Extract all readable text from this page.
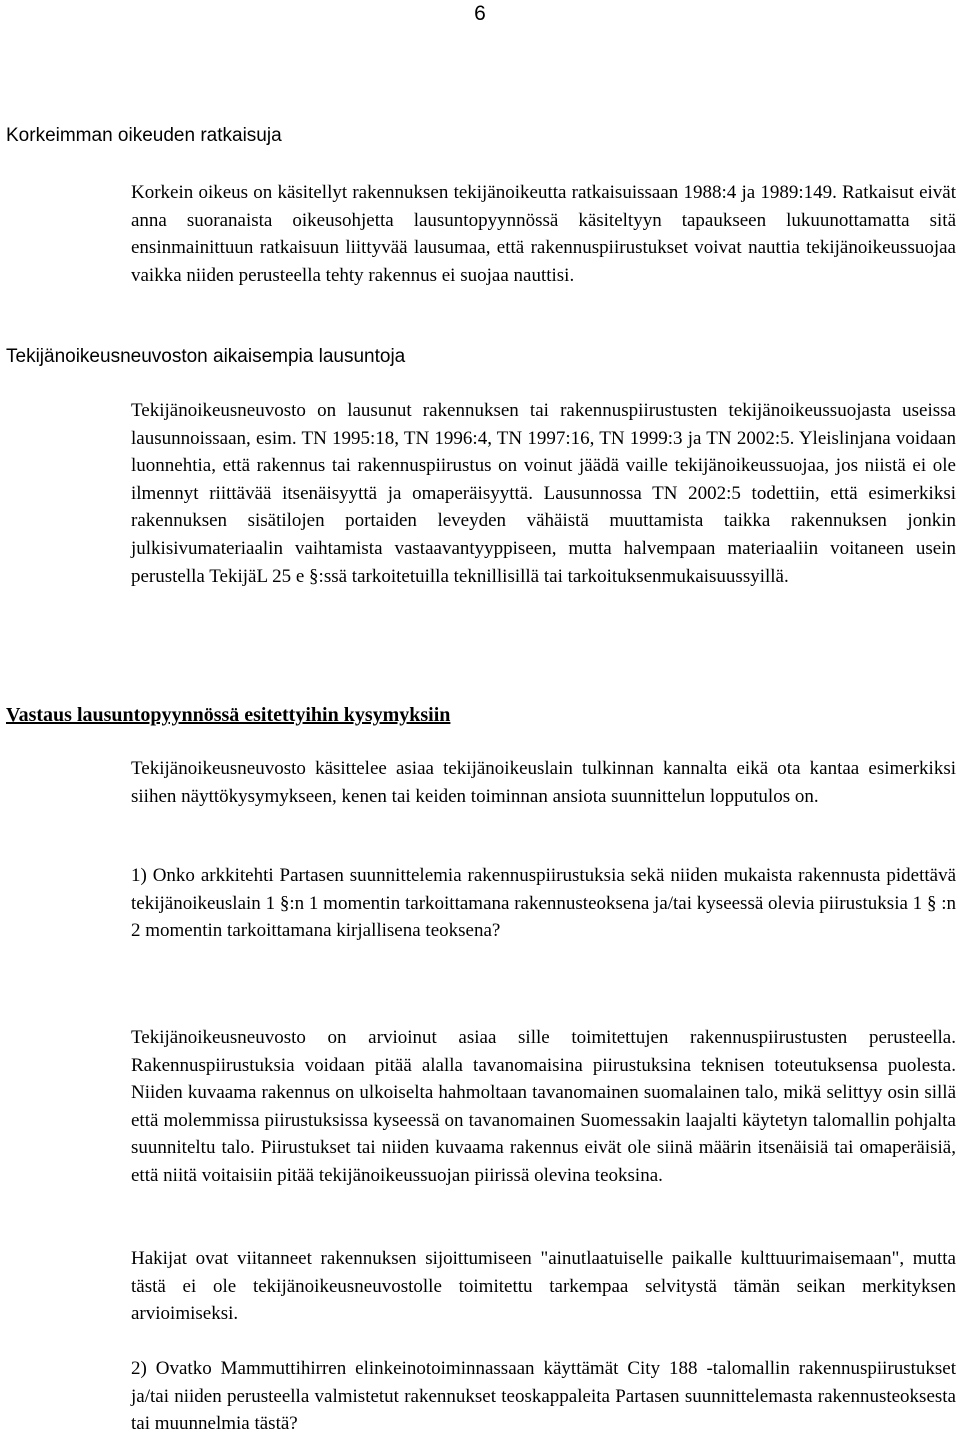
6
Korkeimman oikeuden ratkaisuja

Korkein oikeus on käsitellyt rakennuksen tekijänoikeutta ratkaisuissaan 1988:4 ja 1989:149. Ratkaisut eivät anna suoranaista oikeusohjetta lausuntopyynnössä käsiteltyyn tapaukseen lukuunottamatta sitä ensinmainittuun ratkaisuun liittyvää lausumaa, että rakennuspiirustukset voivat nauttia tekijänoikeussuojaa vaikka niiden perusteella tehty rakennus ei suojaa nauttisi.

Tekijänoikeusneuvoston aikaisempia lausuntoja

Tekijänoikeusneuvosto on lausunut rakennuksen tai rakennuspiirustusten tekijänoikeussuojasta useissa lausunnoissaan, esim. TN 1995:18, TN 1996:4, TN 1997:16, TN 1999:3 ja TN 2002:5. Yleislinjana voidaan luonnehtia, että rakennus tai rakennuspiirustus on voinut jäädä vaille tekijänoikeussuojaa, jos niistä ei ole ilmennyt riittävää itsenäisyyttä ja omaperäisyyttä. Lausunnossa TN 2002:5 todettiin, että esimerkiksi rakennuksen sisätilojen portaiden leveyden vähäistä muuttamista taikka rakennuksen jonkin julkisivumateriaalin vaihtamista vastaavantyyppiseen, mutta halvempaan materiaaliin voitaneen usein perustella TekijäL 25 e §:ssä tarkoitetuilla teknillisillä tai tarkoituksenmukaisuussyillä.

Vastaus lausuntopyynnössä esitettyihin kysymyksiin

Tekijänoikeusneuvosto käsittelee asiaa tekijänoikeuslain tulkinnan kannalta eikä ota kantaa esimerkiksi siihen näyttökysymykseen, kenen tai keiden toiminnan ansiota suunnittelun lopputulos on.

1) Onko arkkitehti Partasen suunnittelemia rakennuspiirustuksia sekä niiden mukaista rakennusta pidettävä tekijänoikeuslain 1 §:n 1 momentin tarkoittamana rakennusteoksena ja/tai kyseessä olevia piirustuksia 1 § :n 2 momentin tarkoittamana kirjallisena teoksena?

Tekijänoikeusneuvosto on arvioinut asiaa sille toimitettujen rakennuspiirustusten perusteella. Rakennuspiirustuksia voidaan pitää alalla tavanomaisina piirustuksina teknisen toteutuksensa puolesta. Niiden kuvaama rakennus on ulkoiselta hahmoltaan tavanomainen suomalainen talo, mikä selittyy osin sillä että molemmissa piirustuksissa kyseessä on tavanomainen Suomessakin laajalti käytetyn talomallin pohjalta suunniteltu talo. Piirustukset tai niiden kuvaama rakennus eivät ole siinä määrin itsenäisiä tai omaperäisiä, että niitä voitaisiin pitää tekijänoikeussuojan piirissä olevina teoksina.

Hakijat ovat viitanneet rakennuksen sijoittumiseen "ainutlaatuiselle paikalle kulttuurimaisemaan", mutta tästä ei ole tekijänoikeusneuvostolle toimitettu tarkempaa selvitystä tämän seikan merkityksen arvioimiseksi.

2) Ovatko Mammuttihirren elinkeinotoiminnassaan käyttämät City 188 -talomallin rakennuspiirustukset ja/tai niiden perusteella valmistetut rakennukset teoskappaleita Partasen suunnittelemasta rakennusteoksesta tai muunnelmia tästä?
